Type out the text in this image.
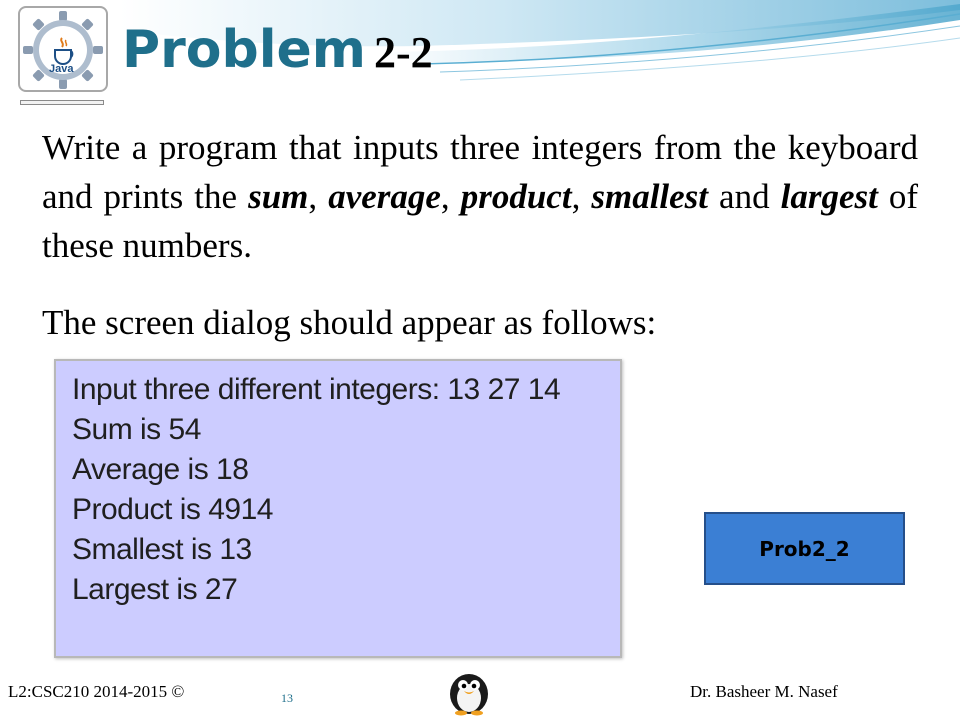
Java Problem 2-2

Write a program that inputs three integers from the keyboard and prints the sum, average, product, smallest and largest of these numbers.

The screen dialog should appear as follows:

Input three different integers: 13 27 14

Sum is 54

Average is 18

Product is 4914

Smallest is 13

Largest is 27

Prob2_2
L2:CSC210 2014-2015 ©	13	Dr. Basheer M. Nasef
